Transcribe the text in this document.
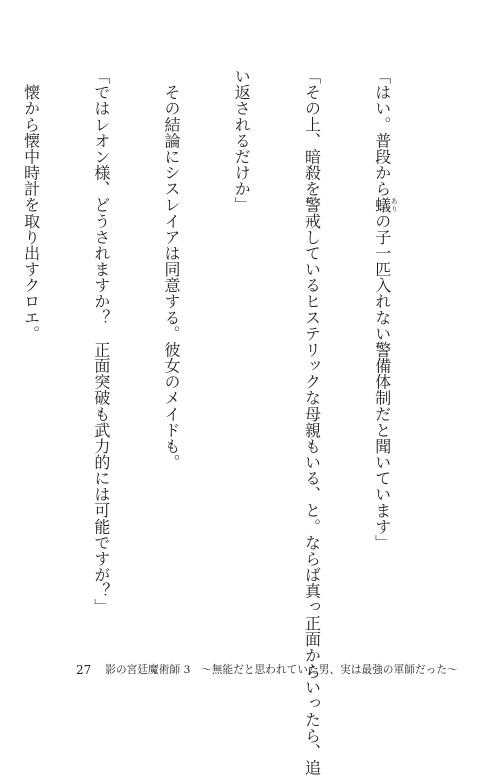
「はい。普段から蟻ありの子一匹入れない警備体制だと聞いています」

「その上、暗殺を警戒しているヒステリックな母親もいる、と。ならば真っ正面からいったら、追

い返されるだけか」

　その結論にシスレイアは同意する。彼女のメイドも。

「ではレオン様、どうされますか？　正面突破も武力的には可能ですが？」

　懐から懐中時計を取り出すクロエ。

27 影の宮廷魔術師 3　〜無能だと思われていた男、実は最強の軍師だった〜
